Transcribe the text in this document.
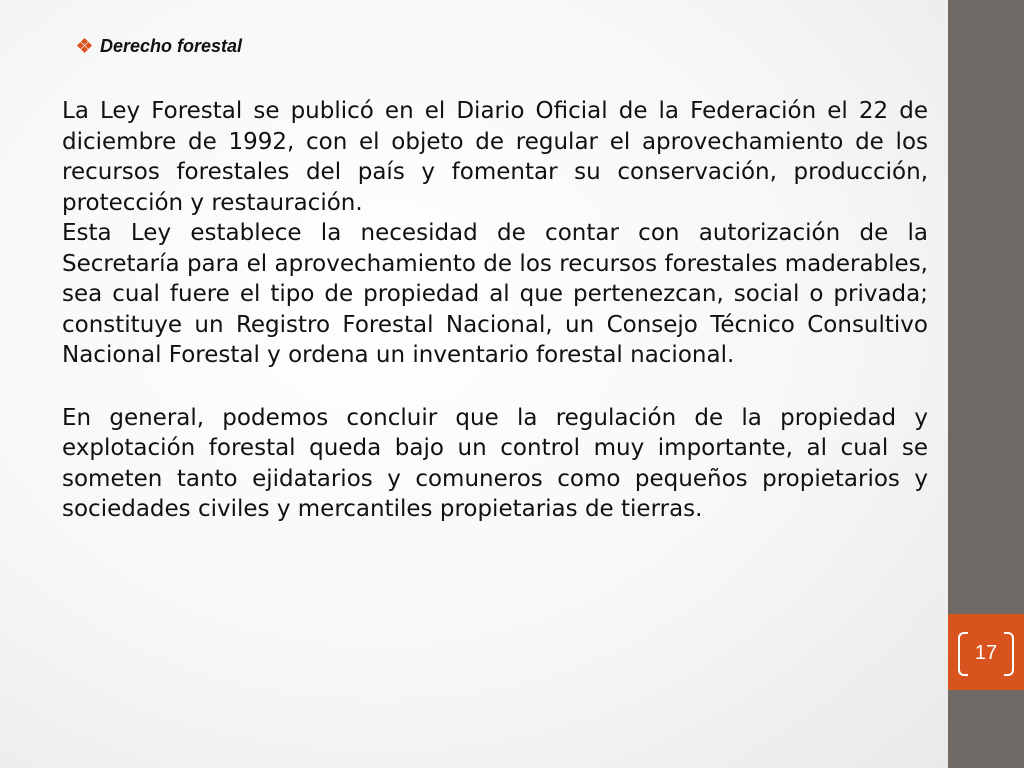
Derecho forestal

La Ley Forestal se publicó en el Diario Oficial de la Federación el 22 de diciembre de 1992, con el objeto de regular el aprovechamiento de los recursos forestales del país y fomentar su conservación, producción, protección y restauración.

Esta Ley establece la necesidad de contar con autorización de la Secretaría para el aprovechamiento de los recursos forestales maderables, sea cual fuere el tipo de propiedad al que pertenezcan, social o privada; constituye un Registro Forestal Nacional, un Consejo Técnico Consultivo Nacional Forestal y ordena un inventario forestal nacional.

En general, podemos concluir que la regulación de la propiedad y explotación forestal queda bajo un control muy importante, al cual se someten tanto ejidatarios y comuneros como pequeños propietarios y sociedades civiles y mercantiles propietarias de tierras.

17
